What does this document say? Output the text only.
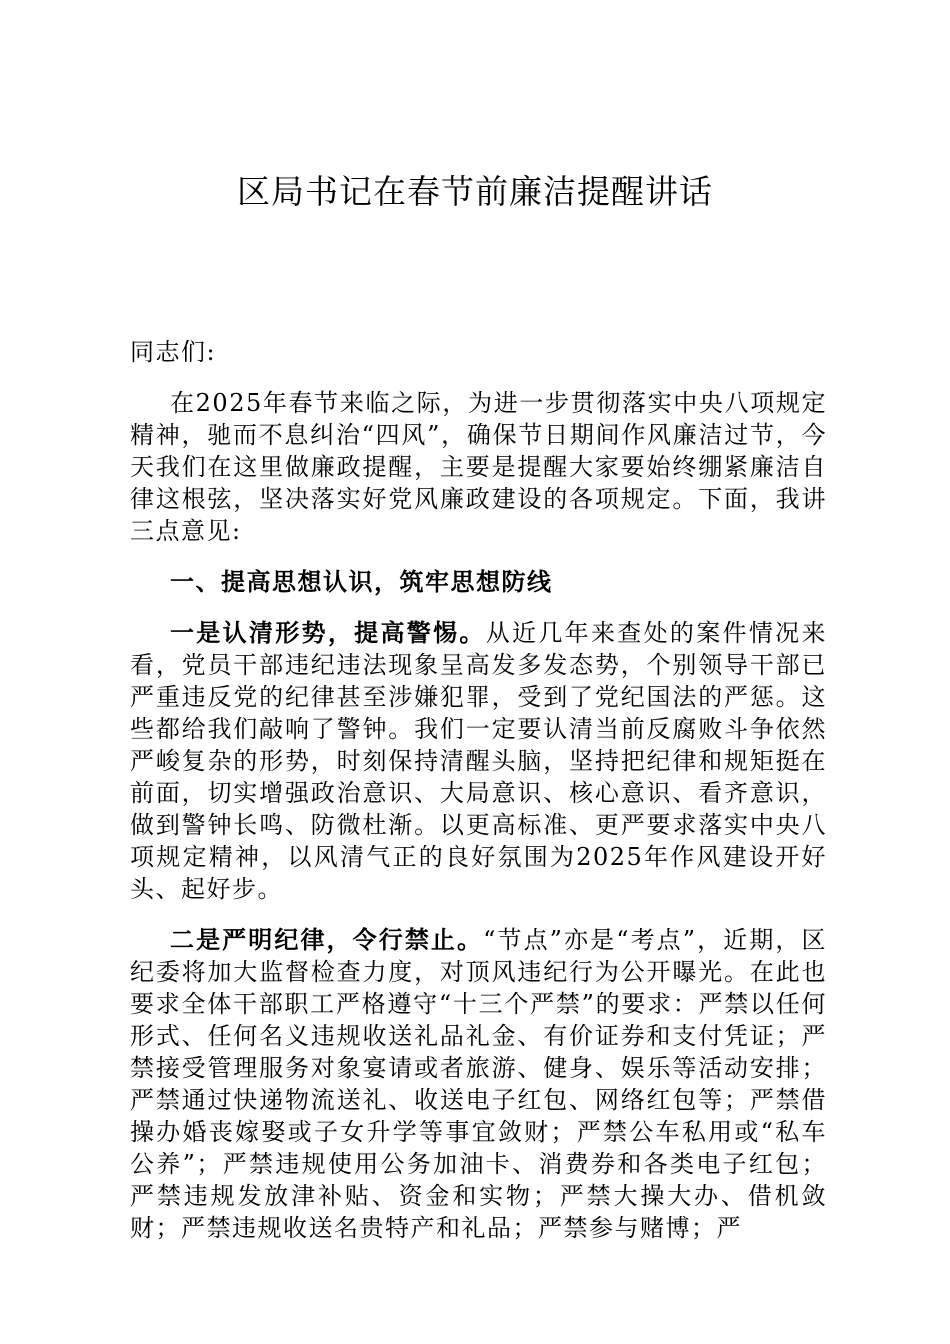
区局书记在春节前廉洁提醒讲话

同志们:

在2025年春节来临之际，为进一步贯彻落实中央八项规定精神，驰而不息纠治“四风”，确保节日期间作风廉洁过节，今天我们在这里做廉政提醒，主要是提醒大家要始终绷紧廉洁自律这根弦，坚决落实好党风廉政建设的各项规定。下面，我讲三点意见:

一、提高思想认识，筑牢思想防线

一是认清形势，提高警惕。从近几年来查处的案件情况来看，党员干部违纪违法现象呈高发多发态势，个别领导干部已严重违反党的纪律甚至涉嫌犯罪，受到了党纪国法的严惩。这些都给我们敲响了警钟。我们一定要认清当前反腐败斗争依然严峻复杂的形势，时刻保持清醒头脑，坚持把纪律和规矩挺在前面，切实增强政治意识、大局意识、核心意识、看齐意识，做到警钟长鸣、防微杜渐。以更高标准、更严要求落实中央八项规定精神，以风清气正的良好氛围为2025年作风建设开好头、起好步。

二是严明纪律，令行禁止。“节点”亦是“考点”，近期，区纪委将加大监督检查力度，对顶风违纪行为公开曝光。在此也要求全体干部职工严格遵守“十三个严禁”的要求：严禁以任何形式、任何名义违规收送礼品礼金、有价证券和支付凭证；严禁接受管理服务对象宴请或者旅游、健身、娱乐等活动安排；严禁通过快递物流送礼、收送电子红包、网络红包等；严禁借操办婚丧嫁娶或子女升学等事宜敛财；严禁公车私用或“私车公养”；严禁违规使用公务加油卡、消费券和各类电子红包；严禁违规发放津补贴、资金和实物；严禁大操大办、借机敛财；严禁违规收送名贵特产和礼品；严禁参与赌博；严
